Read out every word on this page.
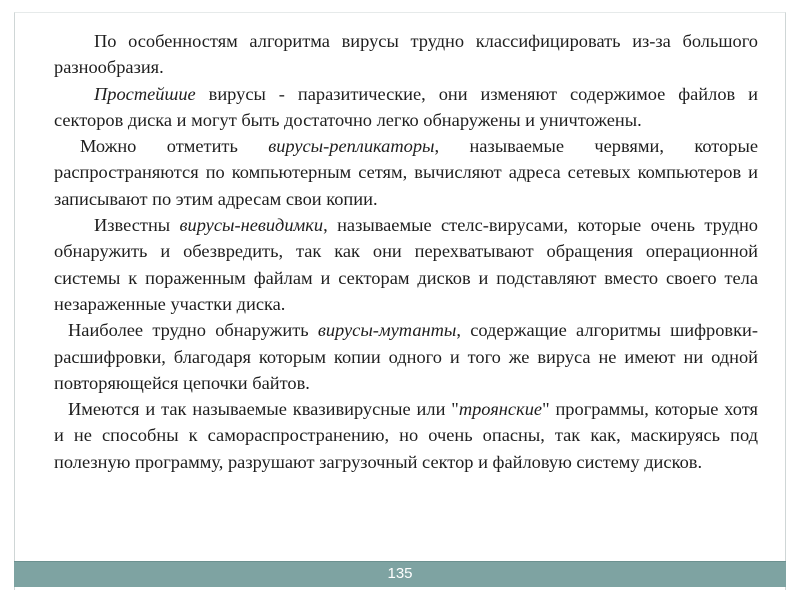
По особенностям алгоритма вирусы трудно классифицировать из-за большого разнообразия.

Простейшие вирусы - паразитические, они изменяют содержимое файлов и секторов диска и могут быть достаточно легко обнаружены и уничтожены.

Можно отметить вирусы-репликаторы, называемые червями, которые распространяются по компьютерным сетям, вычисляют адреса сетевых компьютеров и записывают по этим адресам свои копии.

Известны вирусы-невидимки, называемые стелс-вирусами, которые очень трудно обнаружить и обезвредить, так как они перехватывают обращения операционной системы к пораженным файлам и секторам дисков и подставляют вместо своего тела незараженные участки диска.

Наиболее трудно обнаружить вирусы-мутанты, содержащие алгоритмы шифровки-расшифровки, благодаря которым копии одного и того же вируса не имеют ни одной повторяющейся цепочки байтов.

Имеются и так называемые квазивирусные или "троянские" программы, которые хотя и не способны к самораспространению, но очень опасны, так как, маскируясь под полезную программу, разрушают загрузочный сектор и файловую систему дисков.

135
